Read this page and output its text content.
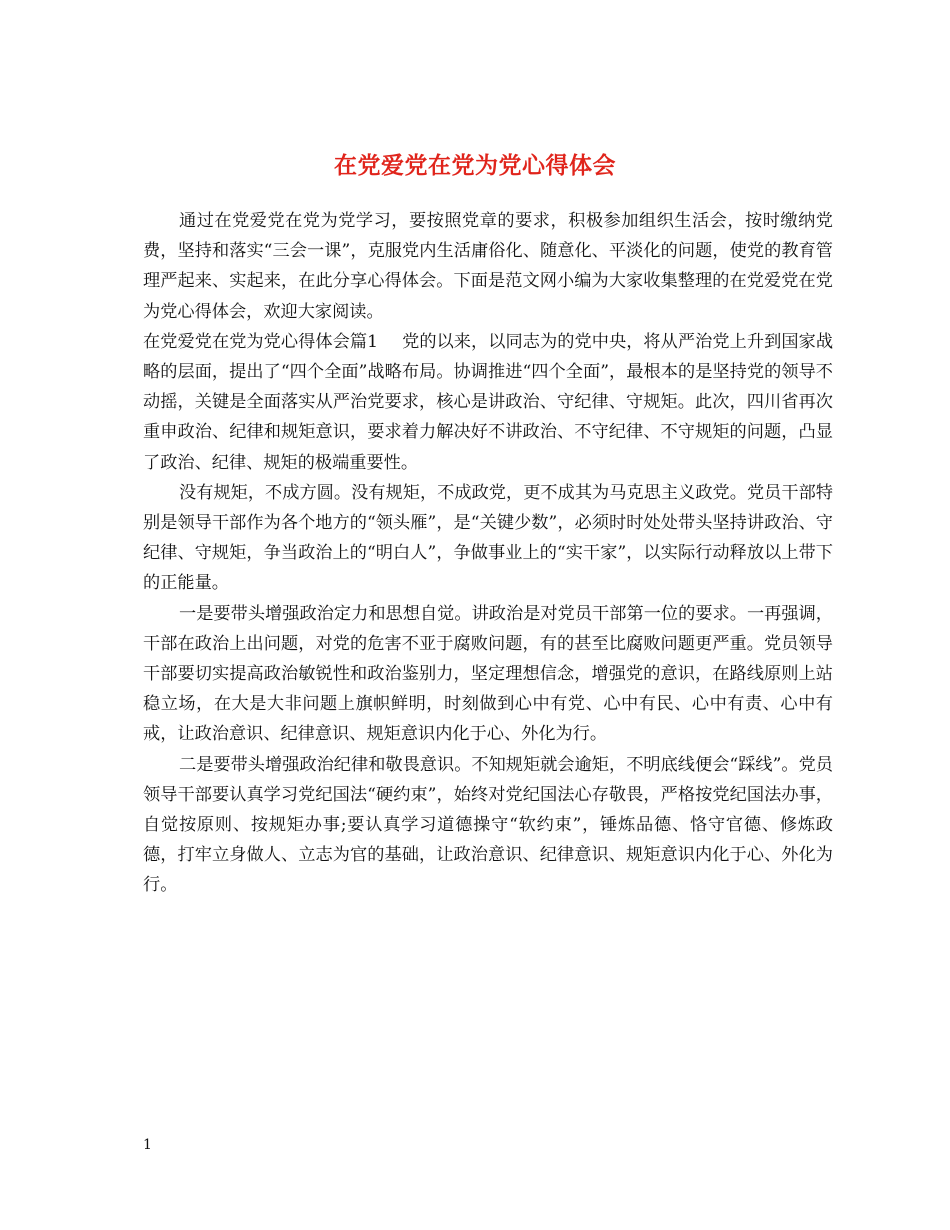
在党爱党在党为党心得体会

通过在党爱党在党为党学习，要按照党章的要求，积极参加组织生活会，按时缴纳党费，坚持和落实“三会一课”，克服党内生活庸俗化、随意化、平淡化的问题，使党的教育管理严起来、实起来，在此分享心得体会。下面是范文网小编为大家收集整理的在党爱党在党为党心得体会，欢迎大家阅读。

在党爱党在党为党心得体会篇1 党的以来，以同志为的党中央，将从严治党上升到国家战略的层面，提出了“四个全面”战略布局。协调推进“四个全面”，最根本的是坚持党的领导不动摇，关键是全面落实从严治党要求，核心是讲政治、守纪律、守规矩。此次，四川省再次重申政治、纪律和规矩意识，要求着力解决好不讲政治、不守纪律、不守规矩的问题，凸显了政治、纪律、规矩的极端重要性。

没有规矩，不成方圆。没有规矩，不成政党，更不成其为马克思主义政党。党员干部特别是领导干部作为各个地方的“领头雁”，是“关键少数”，必须时时处处带头坚持讲政治、守纪律、守规矩，争当政治上的“明白人”，争做事业上的“实干家”，以实际行动释放以上带下的正能量。

一是要带头增强政治定力和思想自觉。讲政治是对党员干部第一位的要求。一再强调，干部在政治上出问题，对党的危害不亚于腐败问题，有的甚至比腐败问题更严重。党员领导干部要切实提高政治敏锐性和政治鉴别力，坚定理想信念，增强党的意识，在路线原则上站稳立场，在大是大非问题上旗帜鲜明，时刻做到心中有党、心中有民、心中有责、心中有戒，让政治意识、纪律意识、规矩意识内化于心、外化为行。

二是要带头增强政治纪律和敬畏意识。不知规矩就会逾矩，不明底线便会“踩线”。党员领导干部要认真学习党纪国法“硬约束”，始终对党纪国法心存敬畏，严格按党纪国法办事，自觉按原则、按规矩办事;要认真学习道德操守“软约束”，锤炼品德、恪守官德、修炼政德，打牢立身做人、立志为官的基础，让政治意识、纪律意识、规矩意识内化于心、外化为行。

1
